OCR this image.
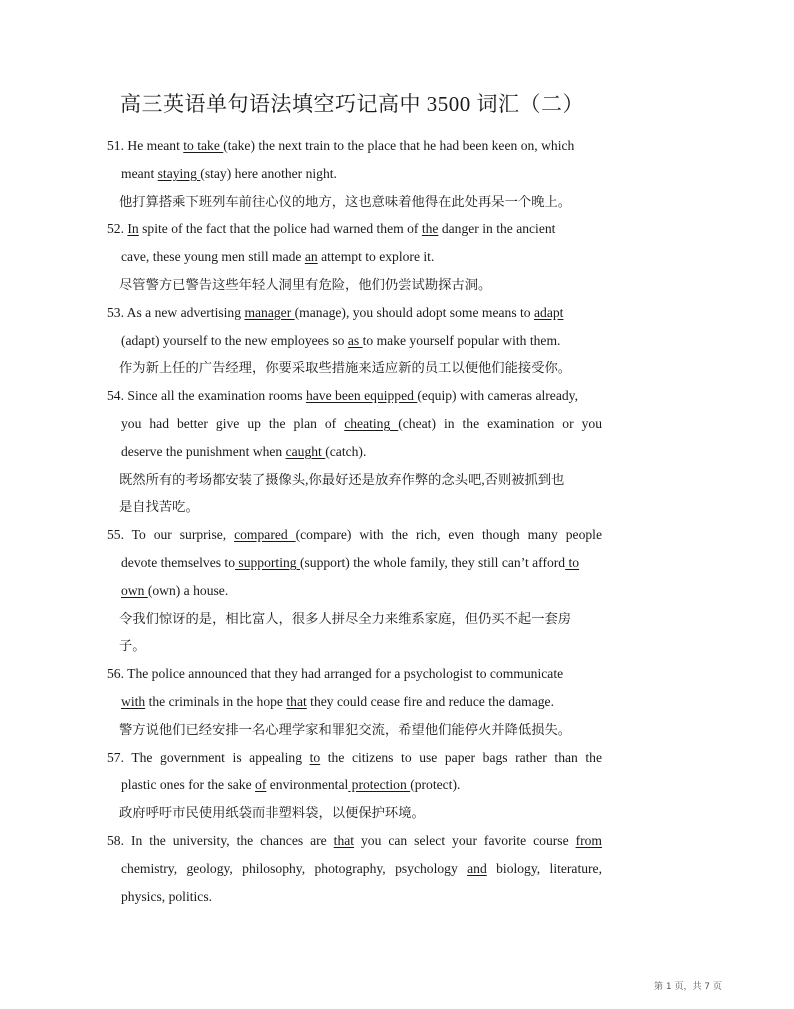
高三英语单句语法填空巧记高中 3500 词汇（二）
51. He meant to take (take) the next train to the place that he had been keen on, which
meant staying (stay) here another night.
他打算搭乘下班列车前往心仪的地方，这也意味着他得在此处再呆一个晚上。
52. In spite of the fact that the police had warned them of the danger in the ancient
cave, these young men still made an attempt to explore it.
尽管警方已警告这些年轻人洞里有危险，他们仍尝试勘探古洞。
53. As a new advertising manager (manage), you should adopt some means to adapt
(adapt) yourself to the new employees so as to make yourself popular with them.
作为新上任的广告经理，你要采取些措施来适应新的员工以便他们能接受你。
54. Since all the examination rooms have been equipped (equip) with cameras already,
you had better give up the plan of cheating (cheat) in the examination or you
deserve the punishment when caught (catch).
既然所有的考场都安装了摄像头,你最好还是放弃作弊的念头吧,否则被抓到也
是自找苦吃。
55. To our surprise, compared (compare) with the rich, even though many people
devote themselves to supporting (support) the whole family, they still can’t afford to
own (own) a house.
令我们惊讶的是，相比富人，很多人拼尽全力来维系家庭，但仍买不起一套房
子。
56. The police announced that they had arranged for a psychologist to communicate
with the criminals in the hope that they could cease fire and reduce the damage.
警方说他们已经安排一名心理学家和罪犯交流，希望他们能停火并降低损失。
57. The government is appealing to the citizens to use paper bags rather than the
plastic ones for the sake of environmental protection (protect).
政府呼吁市民使用纸袋而非塑料袋，以便保护环境。
58. In the university, the chances are that you can select your favorite course from
chemistry, geology, philosophy, photography, psychology and biology, literature,
physics, politics.
第 1 页，共 7 页
